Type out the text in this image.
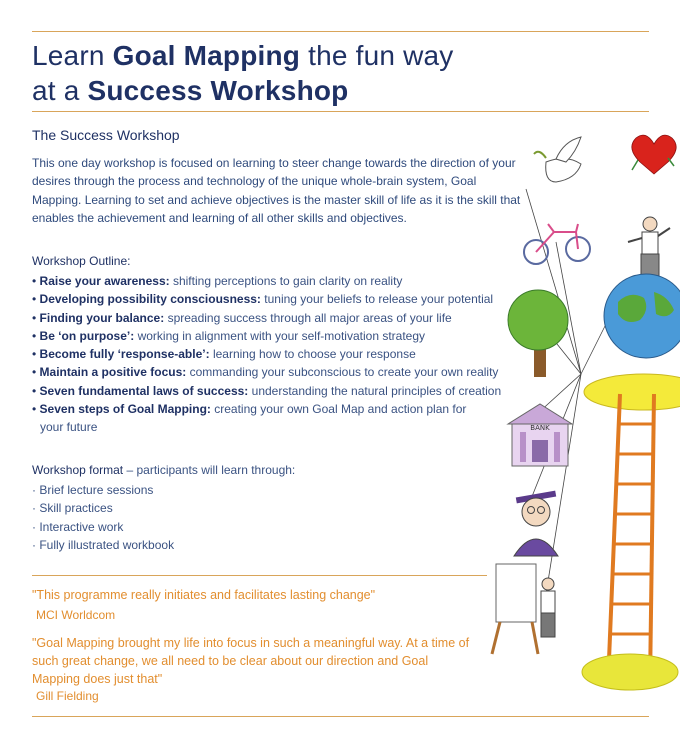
Learn Goal Mapping the fun way
at a Success Workshop
The Success Workshop

This one day workshop is focused on learning to steer change towards the direction of your desires through the process and technology of the unique whole-brain system, Goal Mapping. Learning to set and achieve objectives is the master skill of life as it is the skill that enables the achievement and learning of all other skills and objectives.

Workshop Outline:
• Raise your awareness: shifting perceptions to gain clarity on reality
• Developing possibility consciousness: tuning your beliefs to release your potential
• Finding your balance: spreading success through all major areas of your life
• Be ‘on purpose’: working in alignment with your self-motivation strategy
• Become fully ‘response-able’: learning how to choose your response
• Maintain a positive focus: commanding your subconscious to create your own reality
• Seven fundamental laws of success: understanding the natural principles of creation
• Seven steps of Goal Mapping: creating your own Goal Map and action plan for your future
Workshop format – participants will learn through:
· Brief lecture sessions
· Skill practices
· Interactive work
· Fully illustrated workbook
"This programme really initiates and facilitates lasting change"
MCI Worldcom

"Goal Mapping brought my life into focus in such a meaningful way. At a time of such great change, we all need to be clear about our direction and Goal Mapping does just that"

Gill Fielding
BANK
